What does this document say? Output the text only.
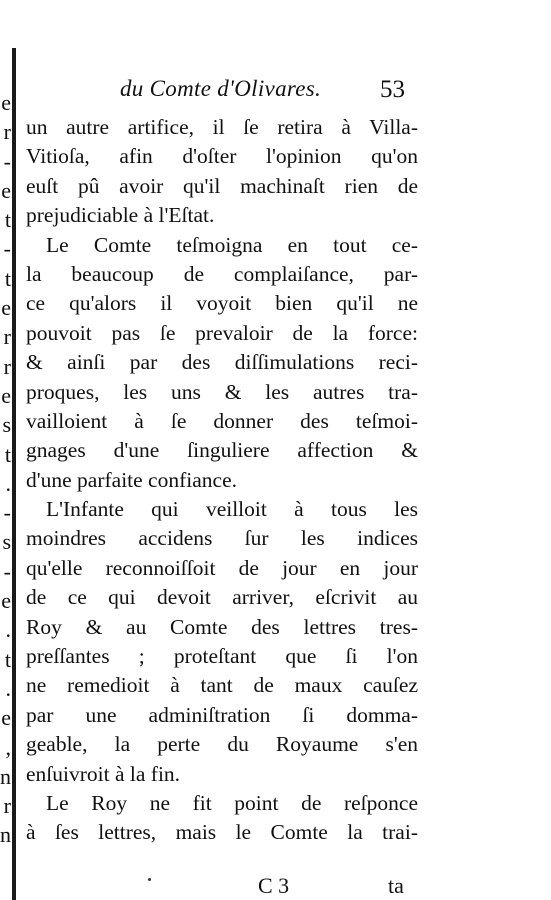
e
r
-
e
t
-
t
e
r
r
e
s
t
.
-
s
-
e
.
t
.
e
,
n
r
n
du Comte d'Olivares.	53
un autre artifice, il ſe retira à Villa-
Vitioſa, afin d'oſter l'opinion qu'on
euſt pû avoir qu'il machinaſt rien de
prejudiciable à l'Eſtat.
Le Comte teſmoigna en tout ce-
la beaucoup de complaiſance, par-
ce qu'alors il voyoit bien qu'il ne
pouvoit pas ſe prevaloir de la force:
& ainſi par des diſſimulations reci-
proques, les uns & les autres tra-
vailloient à ſe donner des teſmoi-
gnages d'une ſinguliere affection &
d'une parfaite confiance.
L'Infante qui veilloit à tous les
moindres accidens ſur les indices
qu'elle reconnoiſſoit de jour en jour
de ce qui devoit arriver, eſcrivit au
Roy & au Comte des lettres tres-
preſſantes ; proteſtant que ſi l'on
ne remedioit à tant de maux cauſez
par une adminiſtration ſi domma-
geable, la perte du Royaume s'en
enſuivroit à la fin.
Le Roy ne fit point de reſponce
à ſes lettres, mais le Comte la trai-
C 3	ta
